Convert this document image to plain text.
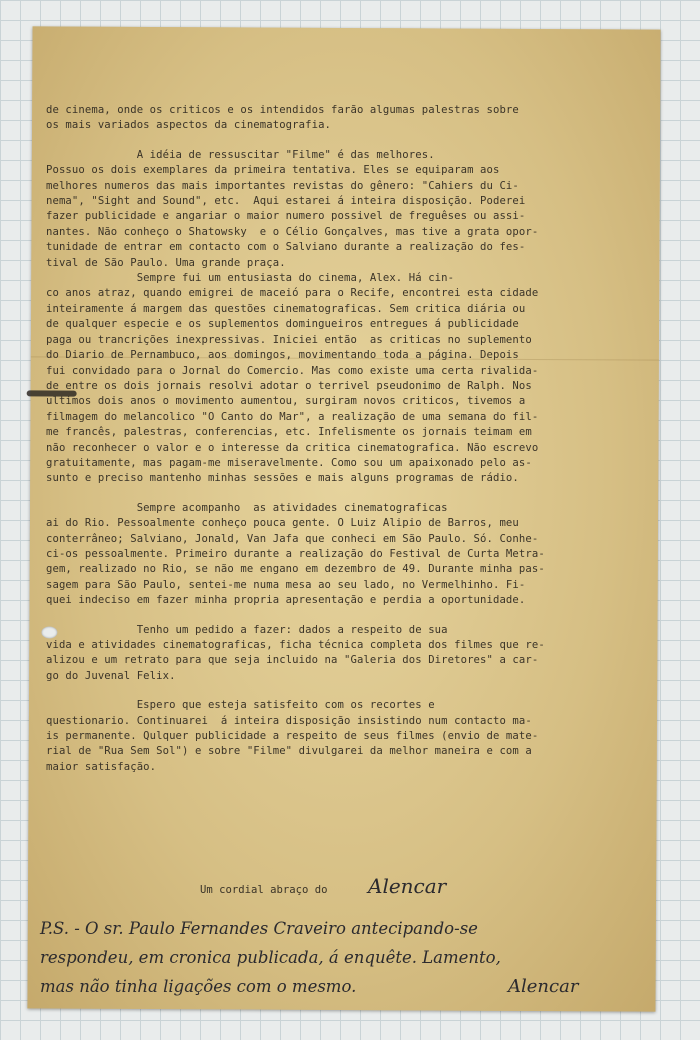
de cinema, onde os criticos e os intendidos farão algumas palestras sobre
os mais variados aspectos da cinematografia.

A idéia de ressuscitar "Filme" é das melhores.
Possuo os dois exemplares da primeira tentativa. Eles se equiparam aos
melhores numeros das mais importantes revistas do gênero: "Cahiers du Ci-
nema", "Sight and Sound", etc.  Aqui estarei á inteira disposição. Poderei
fazer publicidade e angariar o maior numero possivel de freguêses ou assi-
nantes. Não conheço o Shatowsky  e o Célio Gonçalves, mas tive a grata opor-
tunidade de entrar em contacto com o Salviano durante a realização do fes-
tival de São Paulo. Uma grande praça.

Sempre fui um entusiasta do cinema, Alex. Há cin-
co anos atraz, quando emigrei de maceió para o Recife, encontrei esta cidade
inteiramente á margem das questões cinematograficas. Sem critica diária ou
de qualquer especie e os suplementos domingueiros entregues á publicidade
paga ou trancrições inexpressivas. Iniciei então  as criticas no suplemento
do Diario de Pernambuco, aos domingos, movimentando toda a página. Depois
fui convidado para o Jornal do Comercio. Mas como existe uma certa rivalida-
de entre os dois jornais resolvi adotar o terrivel pseudonimo de Ralph. Nos
ultimos dois anos o movimento aumentou, surgiram novos criticos, tivemos a
filmagem do melancolico "O Canto do Mar", a realização de uma semana do fil-
me francês, palestras, conferencias, etc. Infelismente os jornais teimam em
não reconhecer o valor e o interesse da critica cinematografica. Não escrevo
gratuitamente, mas pagam-me miseravelmente. Como sou um apaixonado pelo as-
sunto e preciso mantenho minhas sessões e mais alguns programas de rádio.

Sempre acompanho  as atividades cinematograficas
ai do Rio. Pessoalmente conheço pouca gente. O Luiz Alipio de Barros, meu
conterrâneo; Salviano, Jonald, Van Jafa que conheci em São Paulo. Só. Conhe-
ci-os pessoalmente. Primeiro durante a realização do Festival de Curta Metra-
gem, realizado no Rio, se não me engano em dezembro de 49. Durante minha pas-
sagem para São Paulo, sentei-me numa mesa ao seu lado, no Vermelhinho. Fi-
quei indeciso em fazer minha propria apresentação e perdia a oportunidade.

Tenho um pedido a fazer: dados a respeito de sua
vida e atividades cinematograficas, ficha técnica completa dos filmes que re-
alizou e um retrato para que seja incluido na "Galeria dos Diretores" a car-
go do Juvenal Felix.

Espero que esteja satisfeito com os recortes e
questionario. Continuarei  á inteira disposição insistindo num contacto ma-
is permanente. Qulquer publicidade a respeito de seus filmes (envio de mate-
rial de "Rua Sem Sol") e sobre "Filme" divulgarei da melhor maneira e com a
maior satisfação.

Um cordial abraço do Alencar
P.S. - O sr. Paulo Fernandes Craveiro antecipando-se
respondeu, em cronica publicada, á enquête. Lamento,
mas não tinha ligações com o mesmo.	Alencar
